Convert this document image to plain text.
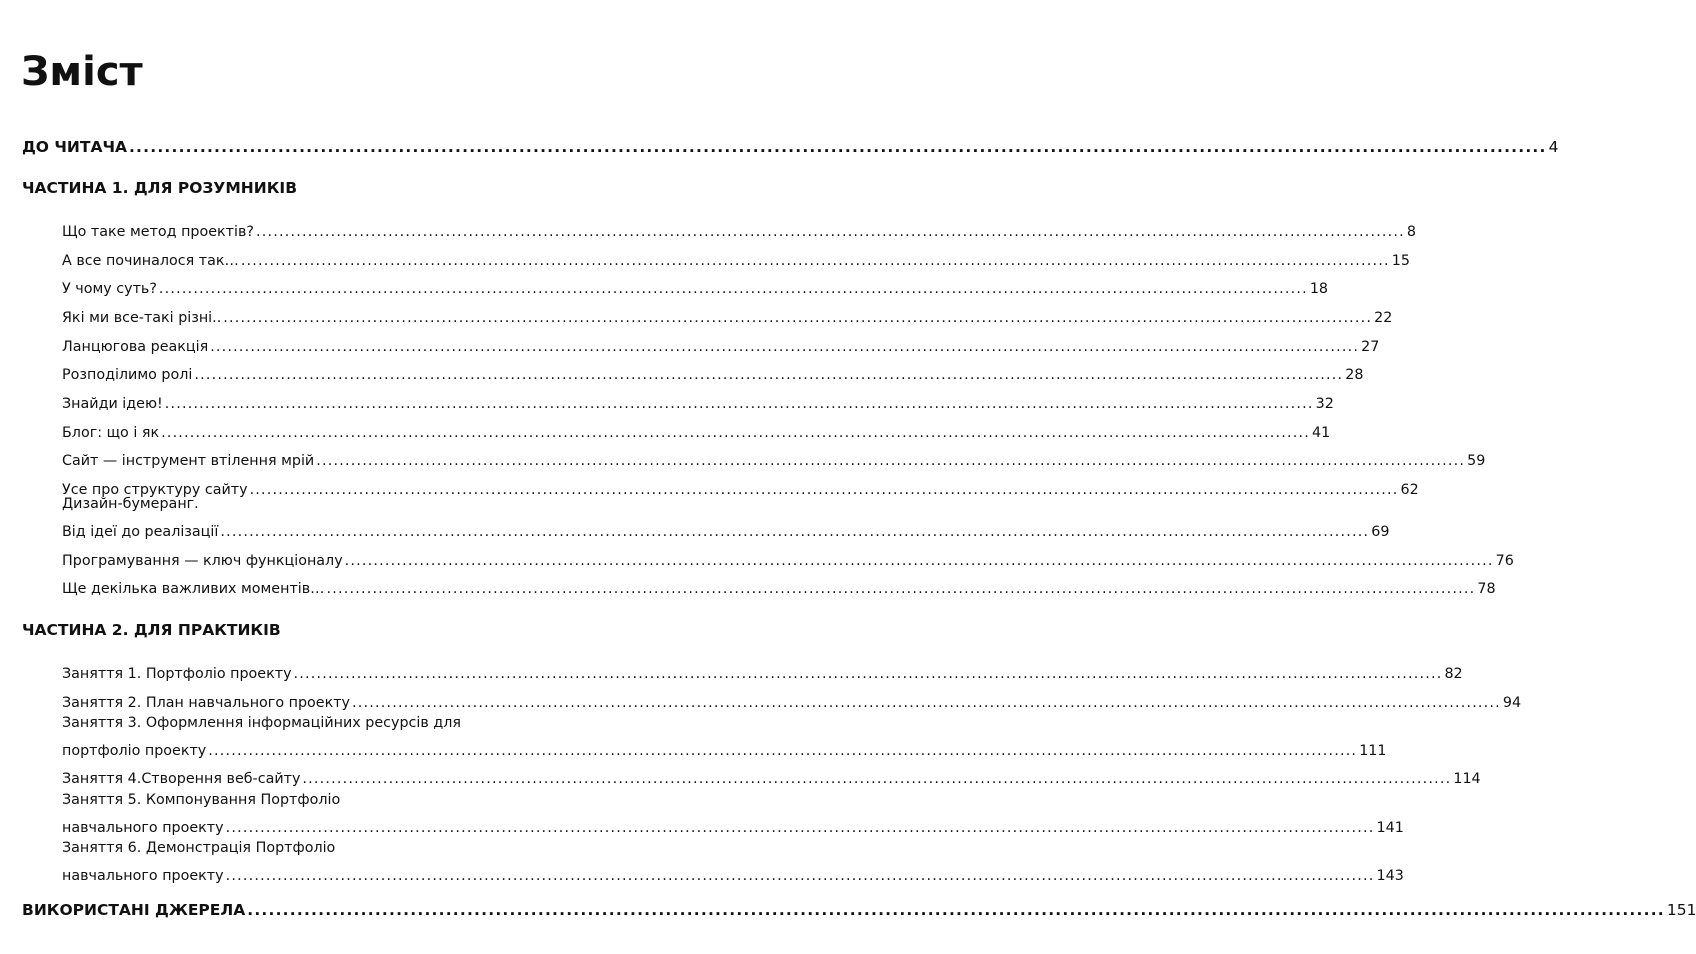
Зміст
ДО ЧИТАЧА ........................................................................................................................................................................................................ 4
ЧАСТИНА 1. ДЛЯ РОЗУМНИКІВ
Що таке метод проектів? ........................................................................................................................................................................................................ 8
А все починалося так… ........................................................................................................................................................................................................ 15
У чому суть? ........................................................................................................................................................................................................ 18
Які ми все-такі різні.. ........................................................................................................................................................................................................ 22
Ланцюгова реакція ........................................................................................................................................................................................................ 27
Розподілимо ролі ........................................................................................................................................................................................................ 28
Знайди ідею! ........................................................................................................................................................................................................ 32
Блог: що і як ........................................................................................................................................................................................................ 41
Сайт — інструмент втілення мрій ........................................................................................................................................................................................................ 59
Усе про структуру сайту ........................................................................................................................................................................................................ 62
Дизайн-бумеранг.
Від ідеї до реалізації ........................................................................................................................................................................................................ 69
Програмування — ключ функціоналу ........................................................................................................................................................................................................ 76
Ще декілька важливих моментів… ........................................................................................................................................................................................................ 78
ЧАСТИНА 2. ДЛЯ ПРАКТИКІВ
Заняття 1. Портфоліо проекту ........................................................................................................................................................................................................ 82
Заняття 2. План навчального проекту ........................................................................................................................................................................................................ 94
Заняття 3. Оформлення інформаційних ресурсів для
портфоліо проекту ........................................................................................................................................................................................................ 111
Заняття 4.Створення веб-сайту ........................................................................................................................................................................................................ 114
Заняття 5. Компонування Портфоліо
навчального проекту ........................................................................................................................................................................................................ 141
Заняття 6. Демонстрація Портфоліо
навчального проекту ........................................................................................................................................................................................................ 143
ВИКОРИСТАНІ ДЖЕРЕЛА ........................................................................................................................................................................................................ 151
